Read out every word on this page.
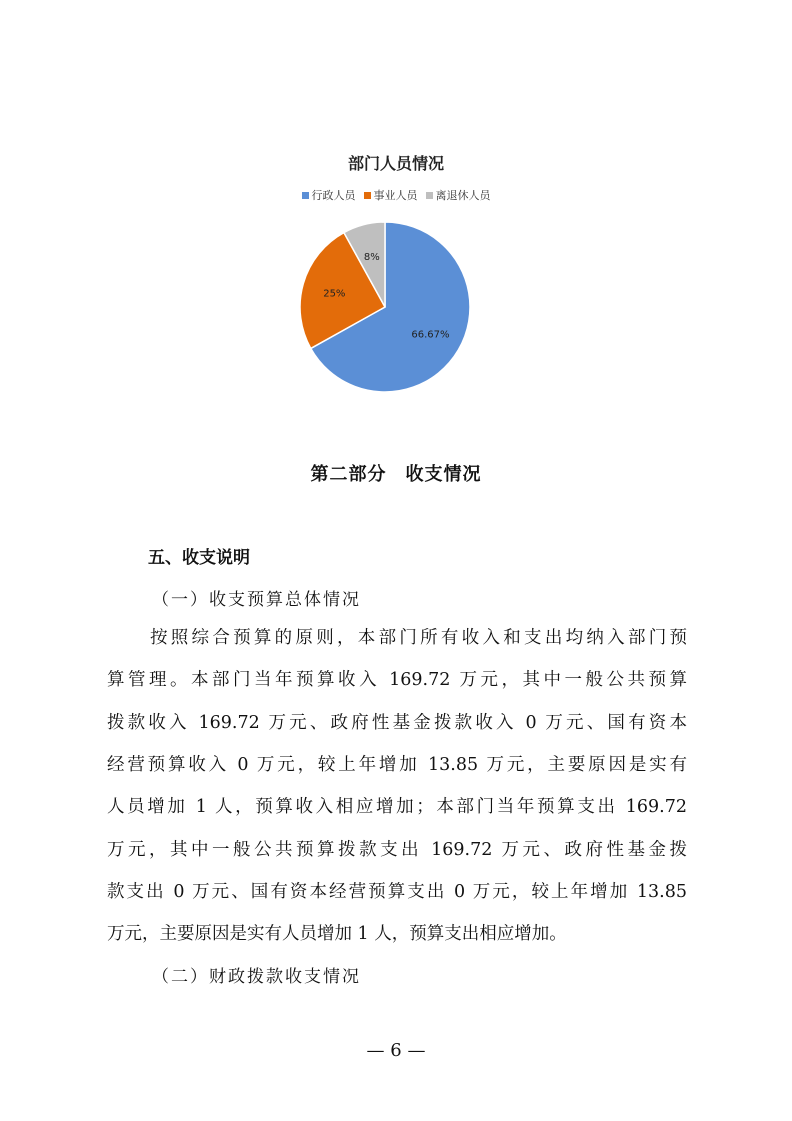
部门人员情况
行政人员 事业人员 离退休人员
66.67%
25%
8%
第二部分　收支情况
五、收支说明
（一）收支预算总体情况
按照综合预算的原则，本部门所有收入和支出均纳入部门预
算管理。本部门当年预算收入 169.72 万元，其中一般公共预算
拨款收入 169.72 万元、政府性基金拨款收入 0 万元、国有资本
经营预算收入 0 万元，较上年增加 13.85 万元，主要原因是实有
人员增加 1 人，预算收入相应增加；本部门当年预算支出 169.72
万元，其中一般公共预算拨款支出 169.72 万元、政府性基金拨
款支出 0 万元、国有资本经营预算支出 0 万元，较上年增加 13.85
万元，主要原因是实有人员增加 1 人，预算支出相应增加。
（二）财政拨款收支情况
— 6 —
